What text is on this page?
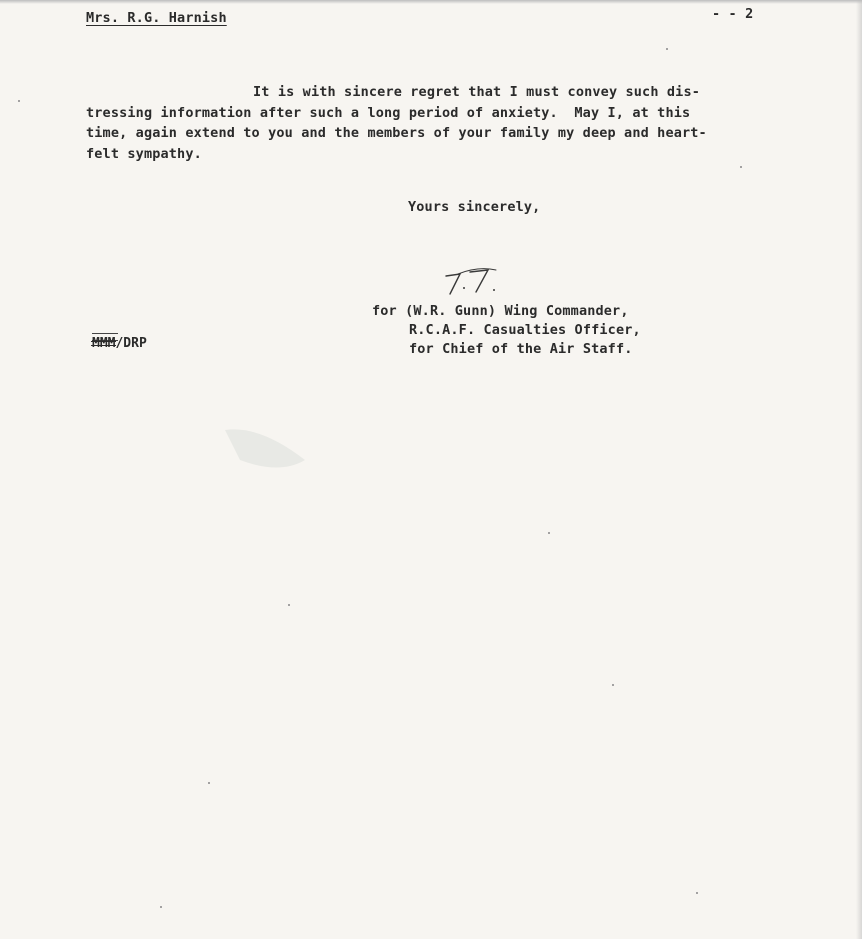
Mrs. R.G. Harnish	- - 2
It is with sincere regret that I must convey such dis-
tressing information after such a long period of anxiety.  May I, at this
time, again extend to you and the members of your family my deep and heart-
felt sympathy.
Yours sincerely,
for (W.R. Gunn) Wing Commander,
R.C.A.F. Casualties Officer,
for Chief of the Air Staff.
MMM/DRP
